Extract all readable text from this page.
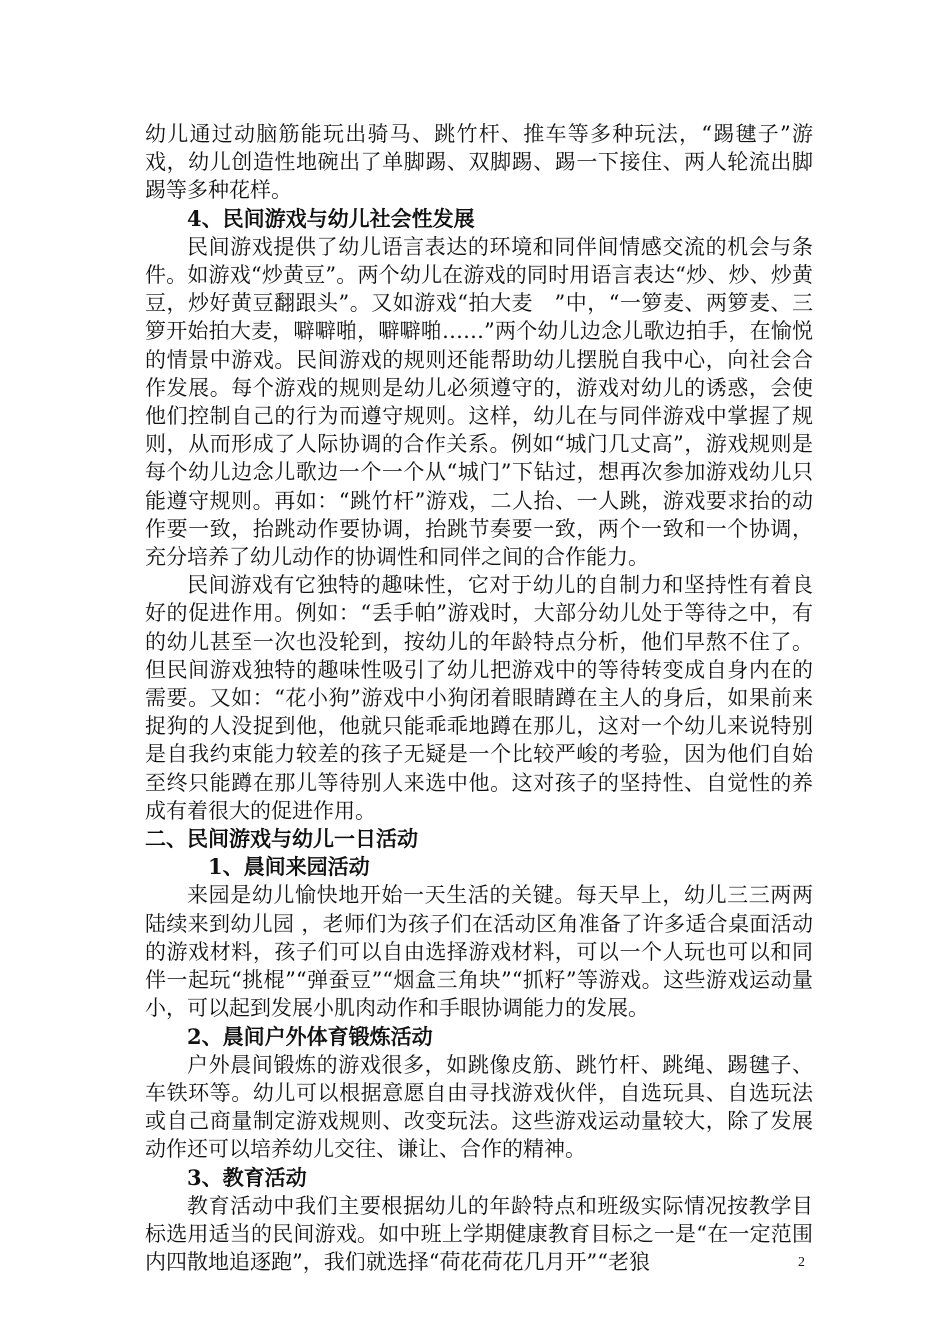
幼儿通过动脑筋能玩出骑马、跳竹杆、推车等多种玩法，“踢毽子”游戏，幼儿创造性地碗出了单脚踢、双脚踢、踢一下接住、两人轮流出脚踢等多种花样。

4、民间游戏与幼儿社会性发展

民间游戏提供了幼儿语言表达的环境和同伴间情感交流的机会与条件。如游戏“炒黄豆”。两个幼儿在游戏的同时用语言表达“炒、炒、炒黄豆，炒好黄豆翻跟头”。又如游戏“拍大麦　”中，“一箩麦、两箩麦、三箩开始拍大麦，噼噼啪，噼噼啪……”两个幼儿边念儿歌边拍手，在愉悦的情景中游戏。民间游戏的规则还能帮助幼儿摆脱自我中心，向社会合作发展。每个游戏的规则是幼儿必须遵守的，游戏对幼儿的诱惑，会使他们控制自己的行为而遵守规则。这样，幼儿在与同伴游戏中掌握了规则，从而形成了人际协调的合作关系。例如“城门几丈高”，游戏规则是每个幼儿边念儿歌边一个一个从“城门”下钻过，想再次参加游戏幼儿只能遵守规则。再如：“跳竹杆”游戏，二人抬、一人跳，游戏要求抬的动作要一致，抬跳动作要协调，抬跳节奏要一致，两个一致和一个协调，充分培养了幼儿动作的协调性和同伴之间的合作能力。

民间游戏有它独特的趣味性，它对于幼儿的自制力和坚持性有着良好的促进作用。例如：“丢手帕”游戏时，大部分幼儿处于等待之中，有的幼儿甚至一次也没轮到，按幼儿的年龄特点分析，他们早熬不住了。但民间游戏独特的趣味性吸引了幼儿把游戏中的等待转变成自身内在的需要。又如：“花小狗”游戏中小狗闭着眼睛蹲在主人的身后，如果前来捉狗的人没捉到他，他就只能乖乖地蹲在那儿，这对一个幼儿来说特别是自我约束能力较差的孩子无疑是一个比较严峻的考验，因为他们自始至终只能蹲在那儿等待别人来选中他。这对孩子的坚持性、自觉性的养成有着很大的促进作用。

二、民间游戏与幼儿一日活动

1、晨间来园活动

来园是幼儿愉快地开始一天生活的关键。每天早上，幼儿三三两两陆续来到幼儿园 ，老师们为孩子们在活动区角准备了许多适合桌面活动的游戏材料，孩子们可以自由选择游戏材料，可以一个人玩也可以和同伴一起玩“挑棍”“弹蚕豆”“烟盒三角块”“抓籽”等游戏。这些游戏运动量小，可以起到发展小肌肉动作和手眼协调能力的发展。

2、晨间户外体育锻炼活动

户外晨间锻炼的游戏很多，如跳像皮筋、跳竹杆、跳绳、踢毽子、车铁环等。幼儿可以根据意愿自由寻找游戏伙伴，自选玩具、自选玩法或自己商量制定游戏规则、改变玩法。这些游戏运动量较大，除了发展动作还可以培养幼儿交往、谦让、合作的精神。

3、教育活动

教育活动中我们主要根据幼儿的年龄特点和班级实际情况按教学目标选用适当的民间游戏。如中班上学期健康教育目标之一是“在一定范围内四散地追逐跑”，我们就选择“荷花荷花几月开”“老狼	2
